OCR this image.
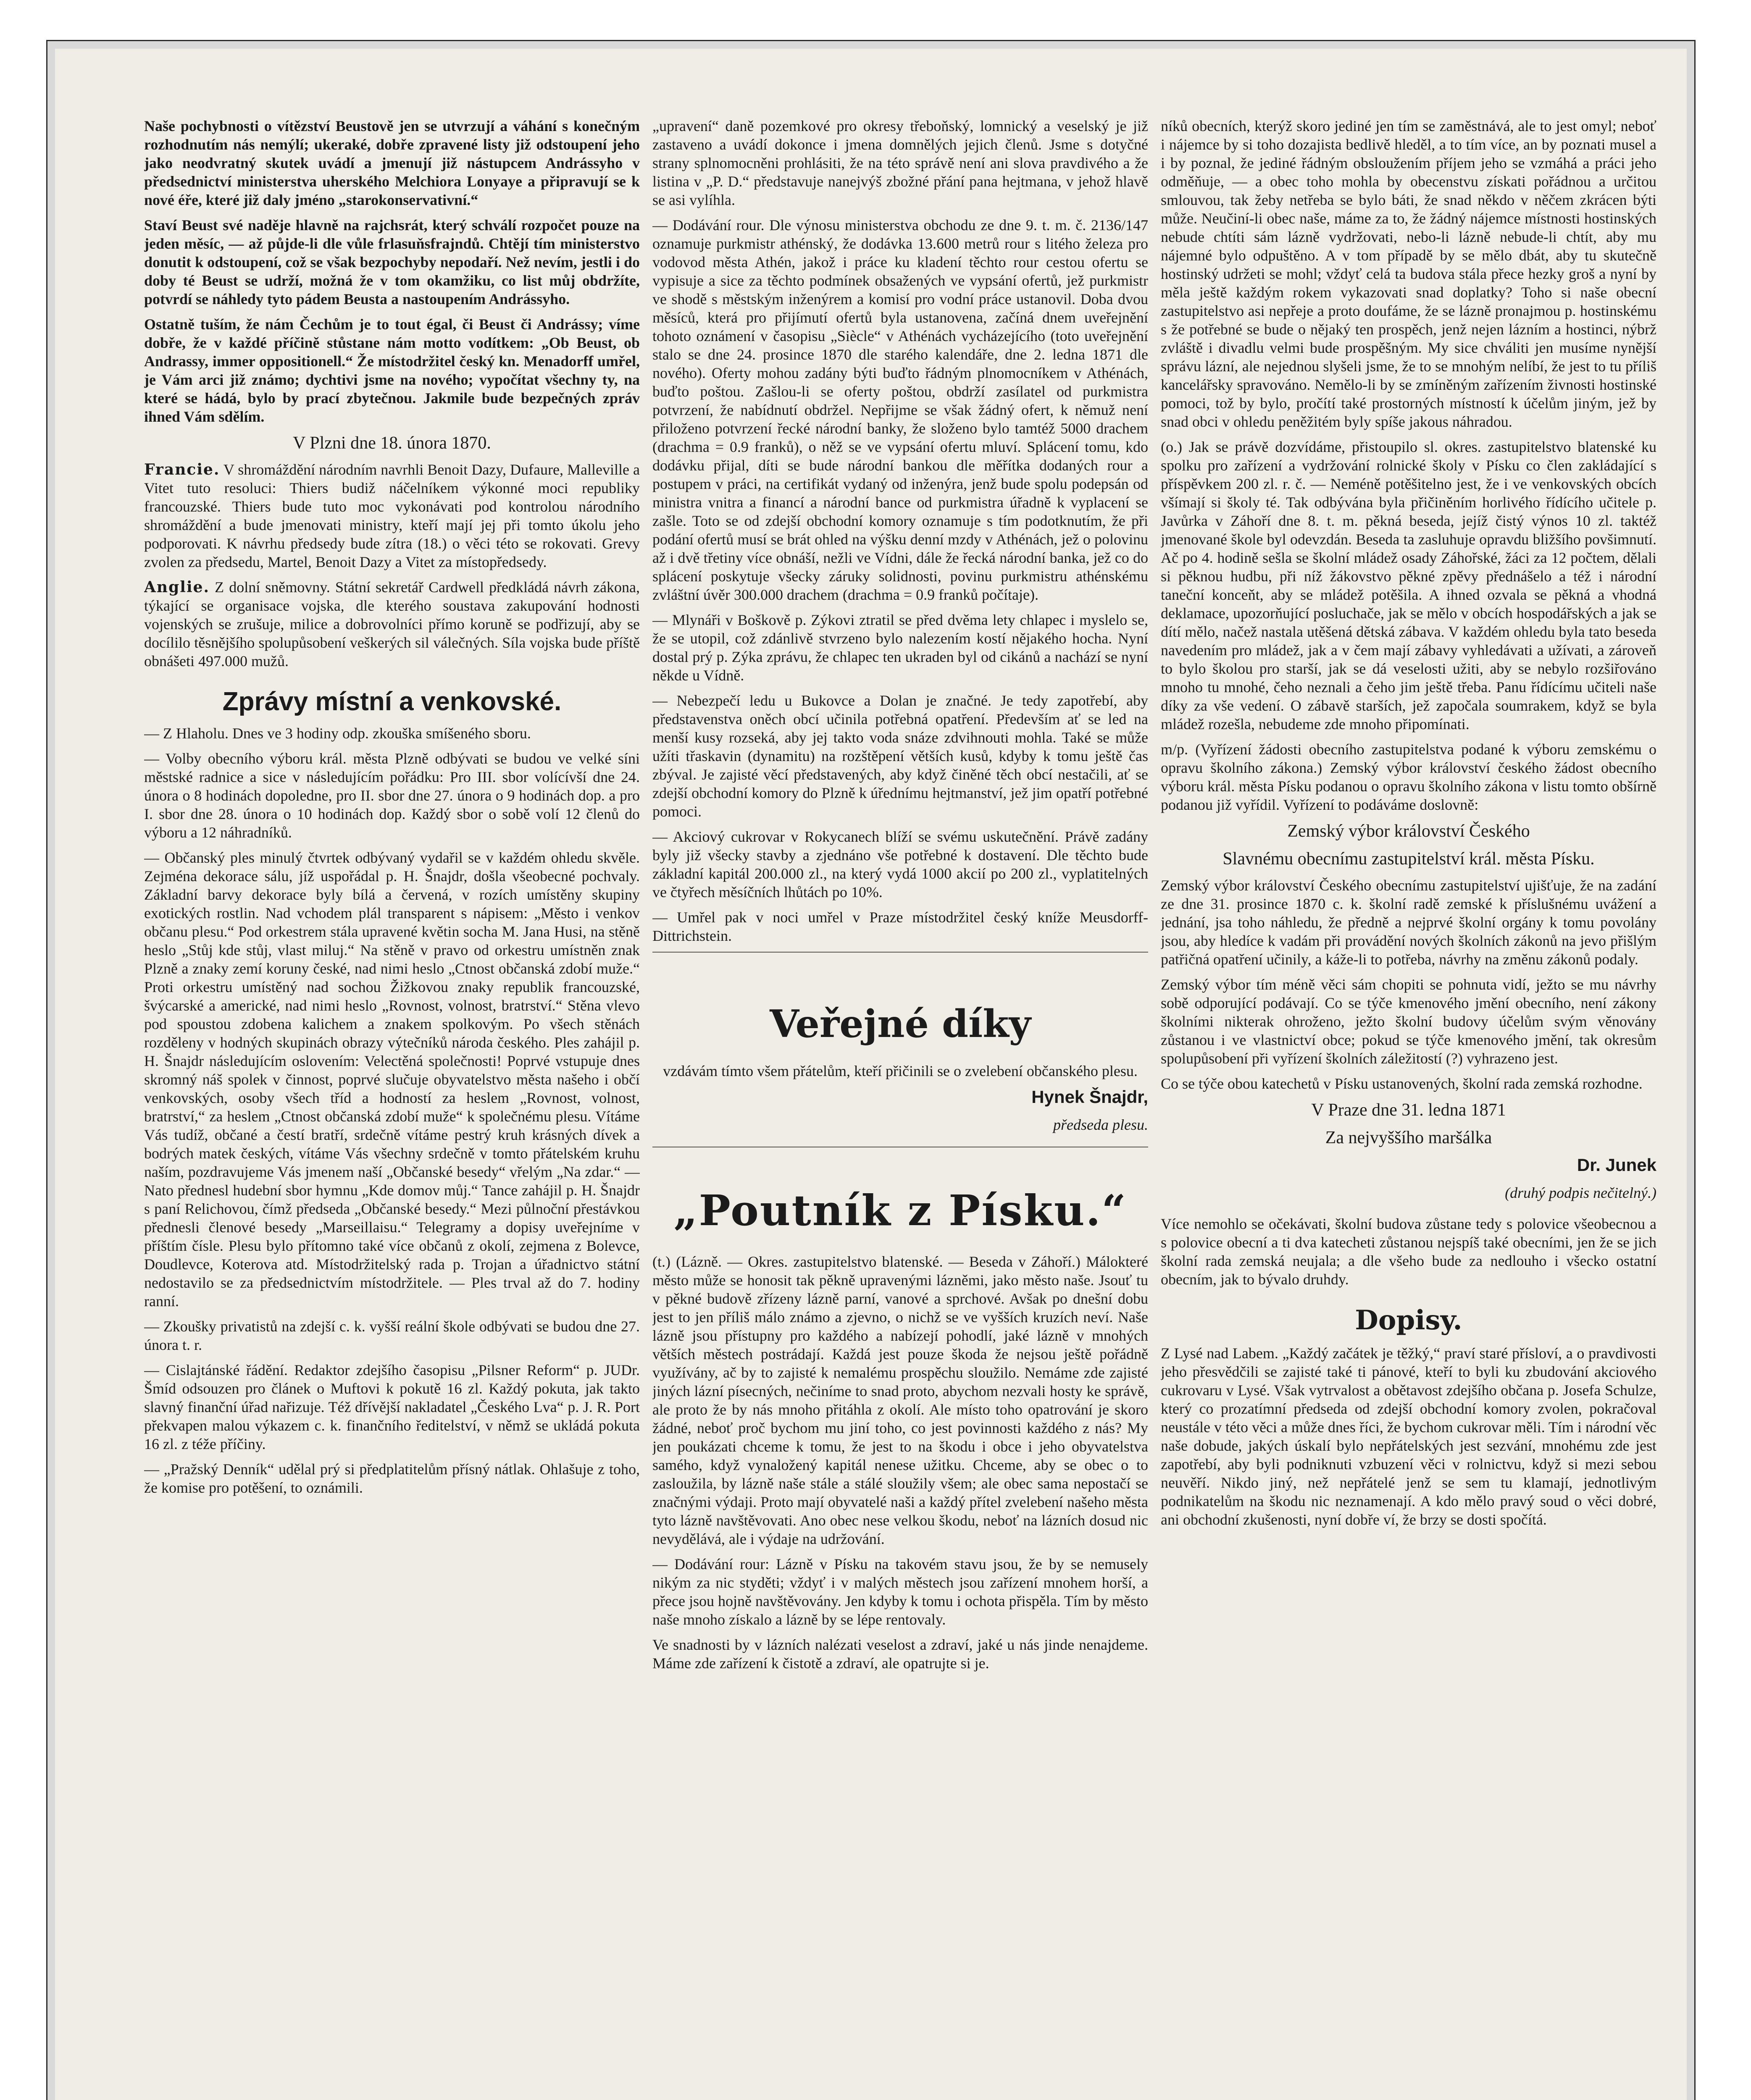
Naše pochybnosti o vítězství Beustově jen se utvrzují a váhání s konečným rozhodnutím nás nemýlí; ukeraké, dobře zpravené listy již odstoupení jeho jako neodvratný skutek uvádí a jmenují již nástupcem Andrássyho v předsednictví ministerstva uherského Melchiora Lonyaye a připravují se k nové éře, které již daly jméno „starokonservativní.“

Staví Beust své naděje hlavně na rajchsrát, který schválí rozpočet pouze na jeden měsíc, — až půjde-li dle vůle frlasuňsfrajndů. Chtějí tím ministerstvo donutit k odstoupení, což se však bezpochyby nepodaří. Než nevím, jestli i do doby té Beust se udrží, možná že v tom okamžiku, co list můj obdržíte, potvrdí se náhledy tyto pádem Beusta a nastoupením Andrássyho.

Ostatně tuším, že nám Čechům je to tout égal, či Beust či Andrássy; víme dobře, že v každé příčině stůstane nám motto vodítkem: „Ob Beust, ob Andrassy, immer oppositionell.“ Že místodržitel český kn. Menadorff umřel, je Vám arci již známo; dychtivi jsme na nového; vypočítat všechny ty, na které se hádá, bylo by prací zbytečnou. Jakmile bude bezpečných zpráv ihned Vám sdělím.

V Plzni dne 18. února 1870.

Francie. V shromáždění národním navrhli Benoit Dazy, Dufaure, Malleville a Vitet tuto resoluci: Thiers budiž náčelníkem výkonné moci republiky francouzské. Thiers bude tuto moc vykonávati pod kontrolou národního shromáždění a bude jmenovati ministry, kteří mají jej při tomto úkolu jeho podporovati. K návrhu předsedy bude zítra (18.) o věci této se rokovati. Grevy zvolen za předsedu, Martel, Benoit Dazy a Vitet za místopředsedy.

Anglie. Z dolní sněmovny. Státní sekretář Cardwell předkládá návrh zákona, týkající se organisace vojska, dle kterého soustava zakupování hodnosti vojenských se zrušuje, milice a dobrovolníci přímo koruně se podřizují, aby se docílilo těsnějšího spolupůsobení veškerých sil válečných. Síla vojska bude příště obnášeti 497.000 mužů.

Zprávy místní a venkovské.

— Z Hlaholu. Dnes ve 3 hodiny odp. zkouška smíšeného sboru.

— Volby obecního výboru král. města Plzně odbývati se budou ve velké síni městské radnice a sice v následujícím pořádku: Pro III. sbor volícívší dne 24. února o 8 hodinách dopoledne, pro II. sbor dne 27. února o 9 hodinách dop. a pro I. sbor dne 28. února o 10 hodinách dop. Každý sbor o sobě volí 12 členů do výboru a 12 náhradníků.

— Občanský ples minulý čtvrtek odbývaný vydařil se v každém ohledu skvěle. Zejména dekorace sálu, jíž uspořádal p. H. Šnajdr, došla všeobecné pochvaly. Základní barvy dekorace byly bílá a červená, v rozích umístěny skupiny exotických rostlin. Nad vchodem plál transparent s nápisem: „Město i venkov občanu plesu.“ Pod orkestrem stála upravené květin socha M. Jana Husi, na stěně heslo „Stůj kde stůj, vlast miluj.“ Na stěně v pravo od orkestru umístněn znak Plzně a znaky zemí koruny české, nad nimi heslo „Ctnost občanská zdobí muže.“ Proti orkestru umístěný nad sochou Žižkovou znaky republik francouzské, švýcarské a americké, nad nimi heslo „Rovnost, volnost, bratrství.“ Stěna vlevo pod spoustou zdobena kalichem a znakem spolkovým. Po všech stěnách rozděleny v hodných skupinách obrazy výtečníků národa českého. Ples zahájil p. H. Šnajdr následujícím oslovením: Velectěná společnosti! Poprvé vstupuje dnes skromný náš spolek v činnost, poprvé slučuje obyvatelstvo města našeho i občí venkovských, osoby všech tříd a hodností za heslem „Rovnost, volnost, bratrství,“ za heslem „Ctnost občanská zdobí muže“ k společnému plesu. Vítáme Vás tudíž, občané a čestí bratří, srdečně vítáme pestrý kruh krásných dívek a bodrých matek českých, vítáme Vás všechny srdečně v tomto přátelském kruhu naším, pozdravujeme Vás jmenem naší „Občanské besedy“ vřelým „Na zdar.“ — Nato přednesl hudební sbor hymnu „Kde domov můj.“ Tance zahájil p. H. Šnajdr s paní Relichovou, čímž předseda „Občanské besedy.“ Mezi půlnoční přestávkou přednesli členové besedy „Marseillaisu.“ Telegramy a dopisy uveřejníme v příštím čísle. Plesu bylo přítomno také více občanů z okolí, zejmena z Bolevce, Doudlevce, Koterova atd. Místodržitelský rada p. Trojan a úřadnictvo státní nedostavilo se za předsednictvím místodržitele. — Ples trval až do 7. hodiny ranní.

— Zkoušky privatistů na zdejší c. k. vyšší reální škole odbývati se budou dne 27. února t. r.

— Cislajtánské řádění. Redaktor zdejšího časopisu „Pilsner Reform“ p. JUDr. Šmíd odsouzen pro článek o Muftovi k pokutě 16 zl. Každý pokuta, jak takto slavný finanční úřad nařizuje. Též dřívější nakladatel „Českého Lva“ p. J. R. Port překvapen malou výkazem c. k. finančního ředitelství, v němž se ukládá pokuta 16 zl. z téže příčiny.

— „Pražský Denník“ udělal prý si předplatitelům přísný nátlak. Ohlašuje z toho, že komise pro potěšení, to oznámili.

„upravení“ daně pozemkové pro okresy třeboňský, lomnický a veselský je již zastaveno a uvádí dokonce i jmena domnělých jejich členů. Jsme s dotyčné strany splnomocněni prohlásiti, že na této správě není ani slova pravdivého a že listina v „P. D.“ představuje nanejvýš zbožné přání pana hejtmana, v jehož hlavě se asi vylíhla.

— Dodávání rour. Dle výnosu ministerstva obchodu ze dne 9. t. m. č. 2136/147 oznamuje purkmistr athénský, že dodávka 13.600 metrů rour s litého železa pro vodovod města Athén, jakož i práce ku kladení těchto rour cestou ofertu se vypisuje a sice za těchto podmínek obsažených ve vypsání ofertů, jež purkmistr ve shodě s městským inženýrem a komisí pro vodní práce ustanovil. Doba dvou měsíců, která pro přijímutí ofertů byla ustanovena, začíná dnem uveřejnění tohoto oznámení v časopisu „Siècle“ v Athénách vycházejícího (toto uveřejnění stalo se dne 24. prosince 1870 dle starého kalendáře, dne 2. ledna 1871 dle nového). Oferty mohou zadány býti buďto řádným plnomocníkem v Athénách, buďto poštou. Zašlou-li se oferty poštou, obdrží zasílatel od purkmistra potvrzení, že nabídnutí obdržel. Nepřijme se však žádný ofert, k němuž není přiloženo potvrzení řecké národní banky, že složeno bylo tamtéž 5000 drachem (drachma = 0.9 franků), o něž se ve vypsání ofertu mluví. Splácení tomu, kdo dodávku přijal, díti se bude národní bankou dle měřítka dodaných rour a postupem v práci, na certifikát vydaný od inženýra, jenž bude spolu podepsán od ministra vnitra a financí a národní bance od purkmistra úřadně k vyplacení se zašle. Toto se od zdejší obchodní komory oznamuje s tím podotknutím, že při podání ofertů musí se brát ohled na výšku denní mzdy v Athénách, jež o polovinu až i dvě třetiny více obnáší, nežli ve Vídni, dále že řecká národní banka, jež co do splácení poskytuje všecky záruky solidnosti, povinu purkmistru athénskému zvláštní úvěr 300.000 drachem (drachma = 0.9 franků počítaje).

— Mlynáři v Boškově p. Zýkovi ztratil se před dvěma lety chlapec i myslelo se, že se utopil, což zdánlivě stvrzeno bylo nalezením kostí nějakého hocha. Nyní dostal prý p. Zýka zprávu, že chlapec ten ukraden byl od cikánů a nachází se nyní někde u Vídně.

— Nebezpečí ledu u Bukovce a Dolan je značné. Je tedy zapotřebí, aby představenstva oněch obcí učinila potřebná opatření. Především ať se led na menší kusy rozseká, aby jej takto voda snáze zdvihnouti mohla. Také se může užíti třaskavin (dynamitu) na rozštěpení větších kusů, kdyby k tomu ještě čas zbýval. Je zajisté věcí představených, aby když činěné těch obcí nestačili, ať se zdejší obchodní komory do Plzně k úřednímu hejtmanství, jež jim opatří potřebné pomoci.

— Akciový cukrovar v Rokycanech blíží se svému uskutečnění. Právě zadány byly již všecky stavby a zjednáno vše potřebné k dostavení. Dle těchto bude základní kapitál 200.000 zl., na který vydá 1000 akcií po 200 zl., vyplatitelných ve čtyřech měsíčních lhůtách po 10%.

— Umřel pak v noci umřel v Praze místodržitel český kníže Meusdorff-Dittrichstein.

Veřejné díky

vzdávám tímto všem přátelům, kteří přičinili se o zvelebení občanského plesu.

Hynek Šnajdr,
předseda plesu.
„Poutník z Písku.“

(t.) (Lázně. — Okres. zastupitelstvo blatenské. — Beseda v Záhoří.) Málokteré město může se honosit tak pěkně upravenými lázněmi, jako město naše. Jsouť tu v pěkné budově zřízeny lázně parní, vanové a sprchové. Avšak po dnešní dobu jest to jen příliš málo známo a zjevno, o nichž se ve vyšších kruzích neví. Naše lázně jsou přístupny pro každého a nabízejí pohodlí, jaké lázně v mnohých větších městech postrádají. Každá jest pouze škoda že nejsou ještě pořádně využívány, ač by to zajisté k nemalému prospěchu sloužilo. Nemáme zde zajisté jiných lázní písecných, nečiníme to snad proto, abychom nezvali hosty ke správě, ale proto že by nás mnoho přitáhla z okolí. Ale místo toho opatrování je skoro žádné, neboť proč bychom mu jiní toho, co jest povinnosti každého z nás? My jen poukázati chceme k tomu, že jest to na škodu i obce i jeho obyvatelstva samého, když vynaložený kapitál nenese užitku. Chceme, aby se obec o to zasloužila, by lázně naše stále a stálé sloužily všem; ale obec sama nepostačí se značnými výdaji. Proto mají obyvatelé naši a každý přítel zvelebení našeho města tyto lázně navštěvovati. Ano obec nese velkou škodu, neboť na lázních dosud nic nevydělává, ale i výdaje na udržování.

— Dodávání rour: Lázně v Písku na takovém stavu jsou, že by se nemusely nikým za nic styděti; vždyť i v malých městech jsou zařízení mnohem horší, a přece jsou hojně navštěvovány. Jen kdyby k tomu i ochota přispěla. Tím by město naše mnoho získalo a lázně by se lépe rentovaly.

Ve snadnosti by v lázních nalézati veselost a zdraví, jaké u nás jinde nenajdeme. Máme zde zařízení k čistotě a zdraví, ale opatrujte si je.

níků obecních, kterýž skoro jediné jen tím se zaměstnává, ale to jest omyl; neboť i nájemce by si toho dozajista bedlivě hleděl, a to tím více, an by poznati musel a i by poznal, že jediné řádným obsloužením příjem jeho se vzmáhá a práci jeho odměňuje, — a obec toho mohla by obecenstvu získati pořádnou a určitou smlouvou, tak žeby netřeba se bylo báti, že snad někdo v něčem zkrácen býti může. Neučiní-li obec naše, máme za to, že žádný nájemce místnosti hostinských nebude chtíti sám lázně vydržovati, nebo-li lázně nebude-li chtít, aby mu nájemné bylo odpuštěno. A v tom případě by se mělo dbát, aby tu skutečně hostinský udržeti se mohl; vždyť celá ta budova stála přece hezky groš a nyní by měla ještě každým rokem vykazovati snad doplatky? Toho si naše obecní zastupitelstvo asi nepřeje a proto doufáme, že se lázně pronajmou p. hostinskému s že potřebné se bude o nějaký ten prospěch, jenž nejen lázním a hostinci, nýbrž zvláště i divadlu velmi bude prospěšným. My sice chváliti jen musíme nynější správu lázní, ale nejednou slyšeli jsme, že to se mnohým nelíbí, že jest to tu příliš kancelářsky spravováno. Nemělo-li by se zmíněným zařízením živnosti hostinské pomoci, tož by bylo, pročítí také prostorných místností k účelům jiným, jež by snad obci v ohledu peněžitém byly spíše jakous náhradou.

(o.) Jak se právě dozvídáme, přistoupilo sl. okres. zastupitelstvo blatenské ku spolku pro zařízení a vydržování rolnické školy v Písku co člen zakládající s příspěvkem 200 zl. r. č. — Neméně potěšitelno jest, že i ve venkovských obcích všímají si školy té. Tak odbývána byla přičiněním horlivého řídícího učitele p. Javůrka v Záhoří dne 8. t. m. pěkná beseda, jejíž čistý výnos 10 zl. taktéž jmenované škole byl odevzdán. Beseda ta zasluhuje opravdu bližšího povšimnutí. Ač po 4. hodině sešla se školní mládež osady Záhořské, žáci za 12 počtem, dělali si pěknou hudbu, při níž žákovstvo pěkné zpěvy přednášelo a též i národní taneční konceňt, aby se mládež potěšila. A ihned ozvala se pěkná a vhodná deklamace, upozorňující posluchače, jak se mělo v obcích hospodářských a jak se dítí mělo, načež nastala utěšená dětská zábava. V každém ohledu byla tato beseda navedením pro mládež, jak a v čem mají zábavy vyhledávati a užívati, a zároveň to bylo školou pro starší, jak se dá veselosti užiti, aby se nebylo rozšiřováno mnoho tu mnohé, čeho neznali a čeho jim ještě třeba. Panu řídícímu učiteli naše díky za vše vedení. O zábavě starších, jež započala soumrakem, když se byla mládež rozešla, nebudeme zde mnoho připomínati.

m/p. (Vyřízení žádosti obecního zastupitelstva podané k výboru zemskému o opravu školního zákona.) Zemský výbor království českého žádost obecního výboru král. města Písku podanou o opravu školního zákona v listu tomto obšírně podanou již vyřídil. Vyřízení to podáváme doslovně:

Zemský výbor království Českého

Slavnému obecnímu zastupitelství král. města Písku.

Zemský výbor království Českého obecnímu zastupitelství ujišťuje, že na zadání ze dne 31. prosince 1870 c. k. školní radě zemské k příslušnému uvážení a jednání, jsa toho náhledu, že předně a nejprvé školní orgány k tomu povolány jsou, aby hledíce k vadám při provádění nových školních zákonů na jevo přišlým patřičná opatření učinily, a káže-li to potřeba, návrhy na změnu zákonů podaly.

Zemský výbor tím méně věci sám chopiti se pohnuta vidí, ježto se mu návrhy sobě odporující podávají. Co se týče kmenového jmění obecního, není zákony školními nikterak ohroženo, ježto školní budovy účelům svým věnovány zůstanou i ve vlastnictví obce; pokud se týče kmenového jmění, tak okresům spolupůsobení při vyřízení školních záležitostí (?) vyhrazeno jest.

Co se týče obou katechetů v Písku ustanovených, školní rada zemská rozhodne.

V Praze dne 31. ledna 1871

Za nejvyššího maršálka

Dr. Junek
(druhý podpis nečitelný.)

Více nemohlo se očekávati, školní budova zůstane tedy s polovice všeobecnou a s polovice obecní a ti dva katecheti zůstanou nejspíš také obecními, jen že se jich školní rada zemská neujala; a dle všeho bude za nedlouho i všecko ostatní obecním, jak to bývalo druhdy.

Dopisy.

Z Lysé nad Labem. „Každý začátek je těžký,“ praví staré přísloví, a o pravdivosti jeho přesvědčili se zajisté také ti pánové, kteří to byli ku zbudování akciového cukrovaru v Lysé. Však vytrvalost a obětavost zdejšího občana p. Josefa Schulze, který co prozatímní předseda od zdejší obchodní komory zvolen, pokračoval neustále v této věci a může dnes říci, že bychom cukrovar měli. Tím i národní věc naše dobude, jakých úskalí bylo nepřátelských jest sezvání, mnohému zde jest zapotřebí, aby byli podniknuti vzbuzení věci v rolnictvu, když si mezi sebou neuvěří. Nikdo jiný, než nepřátelé jenž se sem tu klamají, jednotlivým podnikatelům na škodu nic neznamenají. A kdo mělo pravý soud o věci dobré, ani obchodní zkušenosti, nyní dobře ví, že brzy se dosti spočítá.
